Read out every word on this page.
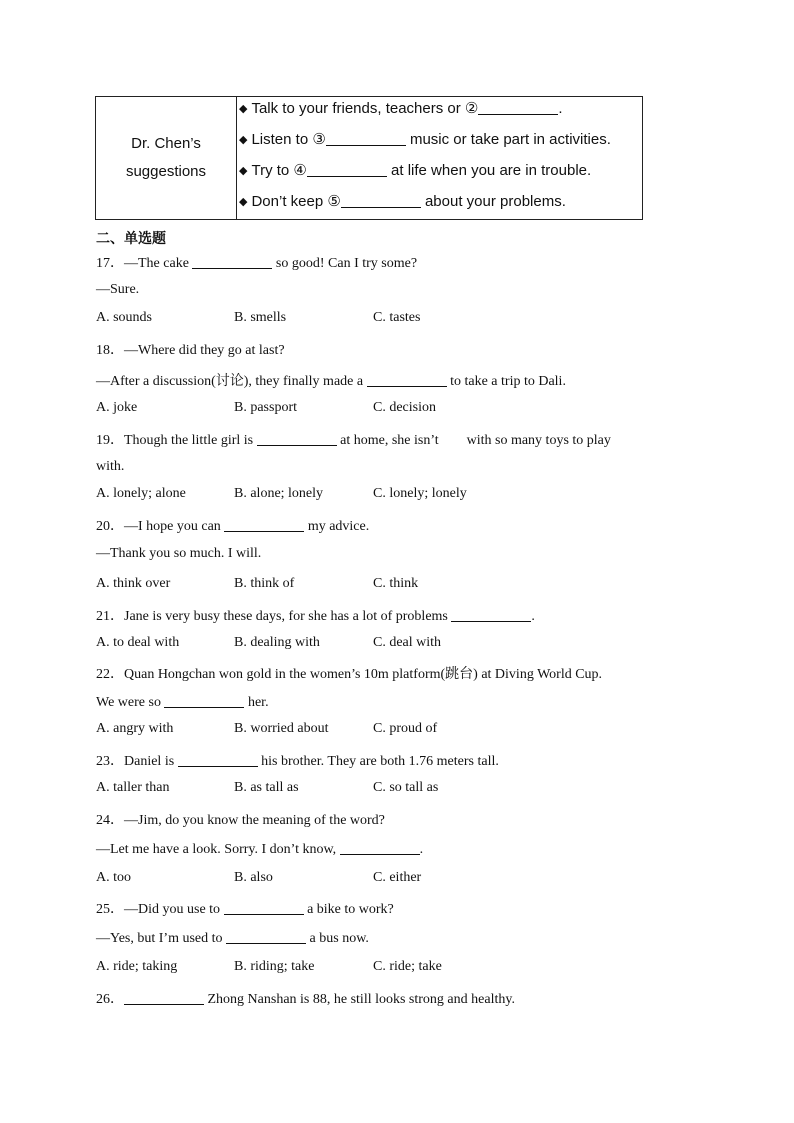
Dr. Chen’s
suggestions
◆ Talk to your friends, teachers or ②	.
◆ Listen to ③	music or take part in activities.
◆ Try to ④	at life when you are in trouble.
◆ Don’t keep ⑤	about your problems.
二、单选题
17．—The cake	so good! Can I try some?
—Sure.
A. sounds	B. smells	C. tastes
18．—Where did they go at last?
—After a discussion(讨论), they finally made a	to take a trip to Dali.
A. joke	B. passport	C. decision
19．Though the little girl is	at home, she isn’t        with so many toys to play
with.
A. lonely; alone	B. alone; lonely	C. lonely; lonely
20．—I hope you can	my advice.
—Thank you so much. I will.
A. think over	B. think of	C. think
21．Jane is very busy these days, for she has a lot of problems	.
A. to deal with	B. dealing with	C. deal with
22．Quan Hongchan won gold in the women’s 10m platform(跳台) at Diving World Cup.
We were so	her.
A. angry with	B. worried about	C. proud of
23．Daniel is	his brother. They are both 1.76 meters tall.
A. taller than	B. as tall as	C. so tall as
24．—Jim, do you know the meaning of the word?
—Let me have a look. Sorry. I don’t know,	.
A. too	B. also	C. either
25．—Did you use to	a bike to work?
—Yes, but I’m used to	a bus now.
A. ride; taking	B. riding; take	C. ride; take
26．	Zhong Nanshan is 88, he still looks strong and healthy.
